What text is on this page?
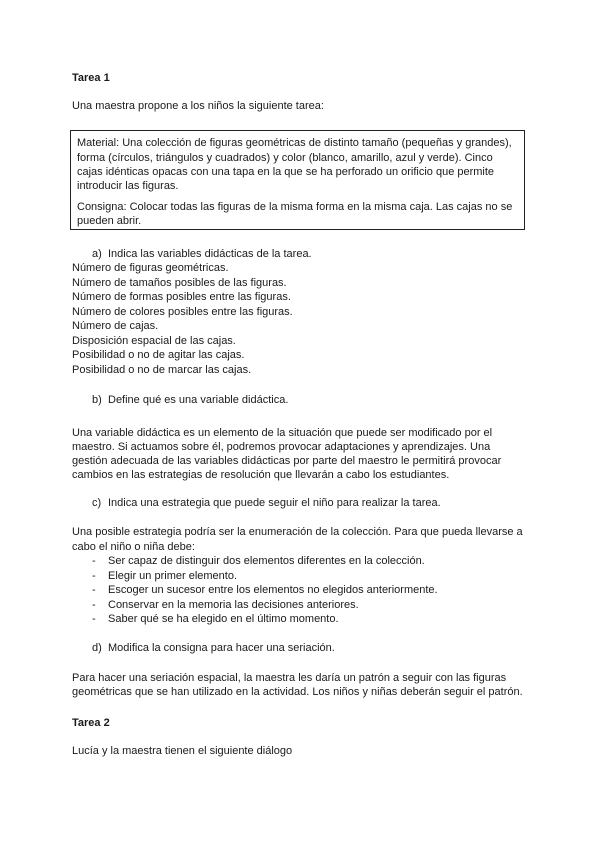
Tarea 1
Una maestra propone a los niños la siguiente tarea:
Material: Una colección de figuras geométricas de distinto tamaño (pequeñas y grandes),
forma (círculos, triángulos y cuadrados) y color (blanco, amarillo, azul y verde). Cinco
cajas idénticas opacas con una tapa en la que se ha perforado un orificio que permite
introducir las figuras.
Consigna: Colocar todas las figuras de la misma forma en la misma caja. Las cajas no se
pueden abrir.
a) Indica las variables didácticas de la tarea.
Número de figuras geométricas.
Número de tamaños posibles de las figuras.
Número de formas posibles entre las figuras.
Número de colores posibles entre las figuras.
Número de cajas.
Disposición espacial de las cajas.
Posibilidad o no de agitar las cajas.
Posibilidad o no de marcar las cajas.
b) Define qué es una variable didáctica.
Una variable didáctica es un elemento de la situación que puede ser modificado por el
maestro. Si actuamos sobre él, podremos provocar adaptaciones y aprendizajes. Una
gestión adecuada de las variables didácticas por parte del maestro le permitirá provocar
cambios en las estrategias de resolución que llevarán a cabo los estudiantes.
c) Indica una estrategia que puede seguir el niño para realizar la tarea.
Una posible estrategia podría ser la enumeración de la colección. Para que pueda llevarse a
cabo el niño o niña debe:
- Ser capaz de distinguir dos elementos diferentes en la colección.
- Elegir un primer elemento.
- Escoger un sucesor entre los elementos no elegidos anteriormente.
- Conservar en la memoria las decisiones anteriores.
- Saber qué se ha elegido en el último momento.
d) Modifica la consigna para hacer una seriación.
Para hacer una seriación espacial, la maestra les daría un patrón a seguir con las figuras
geométricas que se han utilizado en la actividad. Los niños y niñas deberán seguir el patrón.
Tarea 2
Lucía y la maestra tienen el siguiente diálogo
